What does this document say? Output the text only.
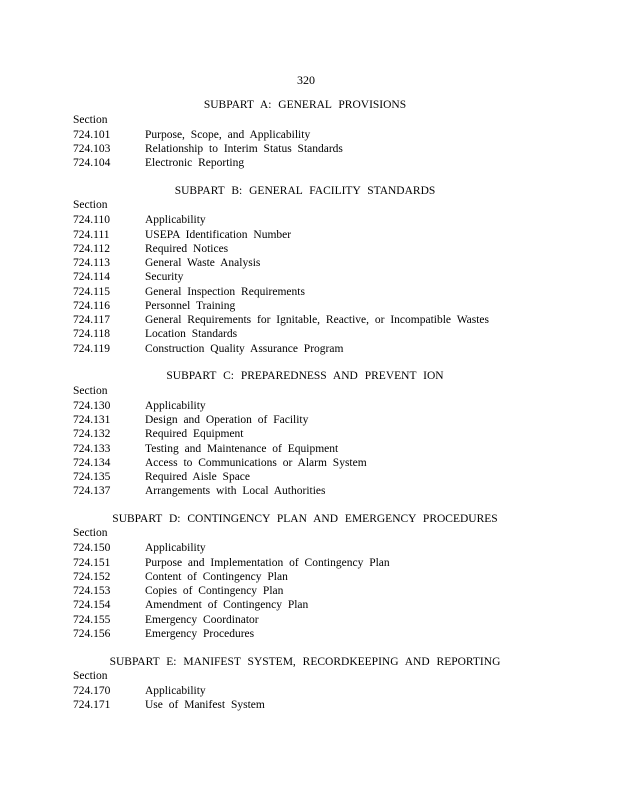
320
SUBPART A: GENERAL PROVISIONS
Section
724.101	Purpose, Scope, and Applicability
724.103	Relationship to Interim Status Standards
724.104	Electronic Reporting
SUBPART B: GENERAL FACILITY STANDARDS
Section
724.110	Applicability
724.111	USEPA Identification Number
724.112	Required Notices
724.113	General Waste Analysis
724.114	Security
724.115	General Inspection Requirements
724.116	Personnel Training
724.117	General Requirements for Ignitable, Reactive, or Incompatible Wastes
724.118	Location Standards
724.119	Construction Quality Assurance Program
SUBPART C: PREPAREDNESS AND PREVENT ION
Section
724.130	Applicability
724.131	Design and Operation of Facility
724.132	Required Equipment
724.133	Testing and Maintenance of Equipment
724.134	Access to Communications or Alarm System
724.135	Required Aisle Space
724.137	Arrangements with Local Authorities
SUBPART D: CONTINGENCY PLAN AND EMERGENCY PROCEDURES
Section
724.150	Applicability
724.151	Purpose and Implementation of Contingency Plan
724.152	Content of Contingency Plan
724.153	Copies of Contingency Plan
724.154	Amendment of Contingency Plan
724.155	Emergency Coordinator
724.156	Emergency Procedures
SUBPART E: MANIFEST SYSTEM, RECORDKEEPING AND REPORTING
Section
724.170	Applicability
724.171	Use of Manifest System
